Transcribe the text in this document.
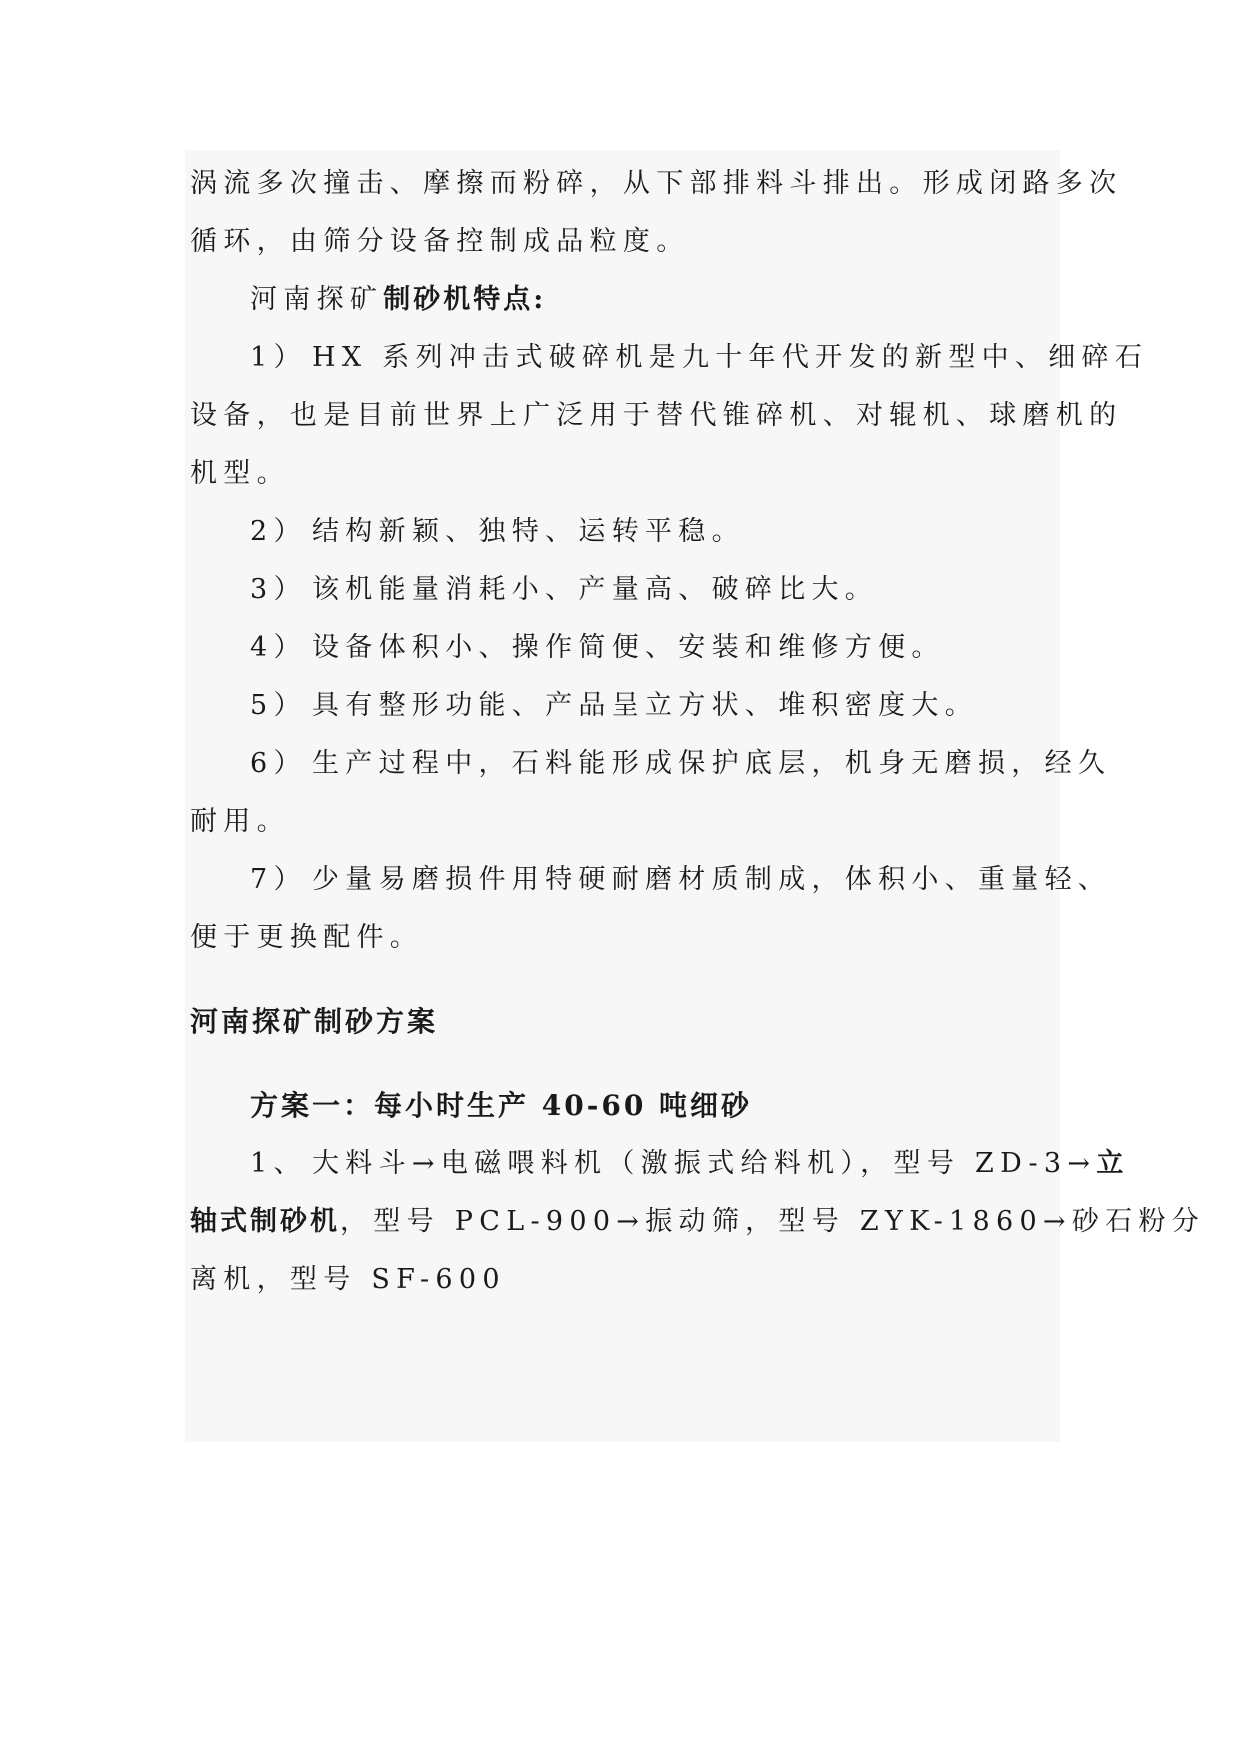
涡流多次撞击、摩擦而粉碎，从下部排料斗排出。形成闭路多次
循环，由筛分设备控制成品粒度。
河南探矿制砂机特点:
1） HX 系列冲击式破碎机是九十年代开发的新型中、细碎石
设备，也是目前世界上广泛用于替代锥碎机、对辊机、球磨机的
机型。
2） 结构新颖、独特、运转平稳。
3） 该机能量消耗小、产量高、破碎比大。
4） 设备体积小、操作简便、安装和维修方便。
5） 具有整形功能、产品呈立方状、堆积密度大。
6） 生产过程中，石料能形成保护底层，机身无磨损，经久
耐用。
7） 少量易磨损件用特硬耐磨材质制成，体积小、重量轻、
便于更换配件。
河南探矿制砂方案
方案一：每小时生产 40-60 吨细砂
1、 大料斗→电磁喂料机（激振式给料机），型号 ZD-3→立
轴式制砂机，型号 PCL-900→振动筛，型号 ZYK-1860→砂石粉分
离机，型号 SF-600
